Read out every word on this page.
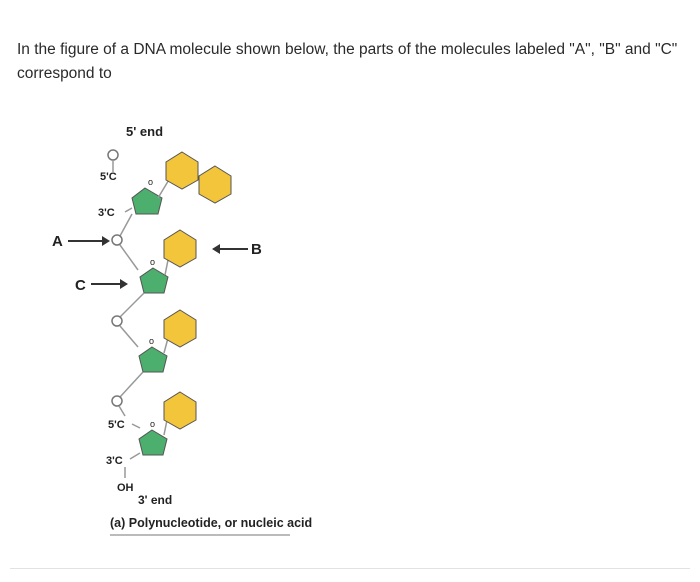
In the figure of a DNA molecule shown below, the parts of the molecules labeled "A", "B" and "C" correspond to
5' end
5'C	o
3'C
A
o
B
C
o
5'C	o
3'C
OH
3' end
(a) Polynucleotide, or nucleic acid
